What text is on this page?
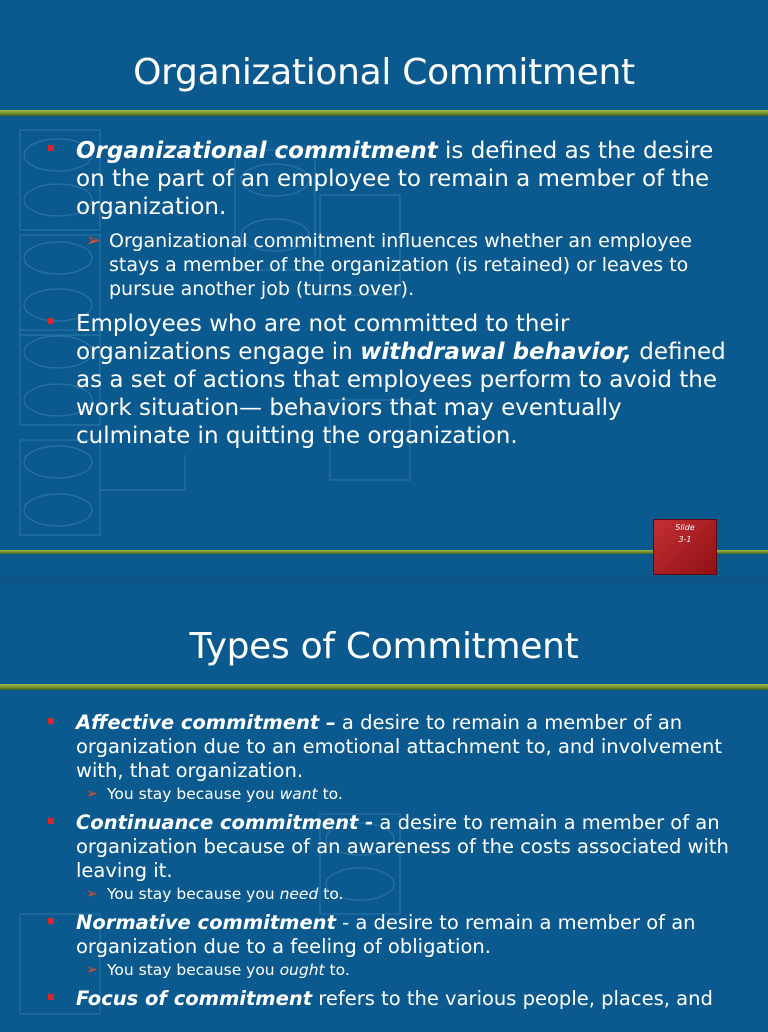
Organizational Commitment
Organizational commitment is defined as the desire on the part of an employee to remain a member of the organization.
➢ Organizational commitment influences whether an employee stays a member of the organization (is retained) or leaves to pursue another job (turns over).
Employees who are not committed to their organizations engage in withdrawal behavior, defined as a set of actions that employees perform to avoid the work situation— behaviors that may eventually culminate in quitting the organization.
Slide
3-1
Types of Commitment
Affective commitment – a desire to remain a member of an organization due to an emotional attachment to, and involvement with, that organization.
➢ You stay because you want to.
Continuance commitment - a desire to remain a member of an organization because of an awareness of the costs associated with leaving it.
➢ You stay because you need to.
Normative commitment - a desire to remain a member of an organization due to a feeling of obligation.
➢ You stay because you ought to.
Focus of commitment refers to the various people, places, and
